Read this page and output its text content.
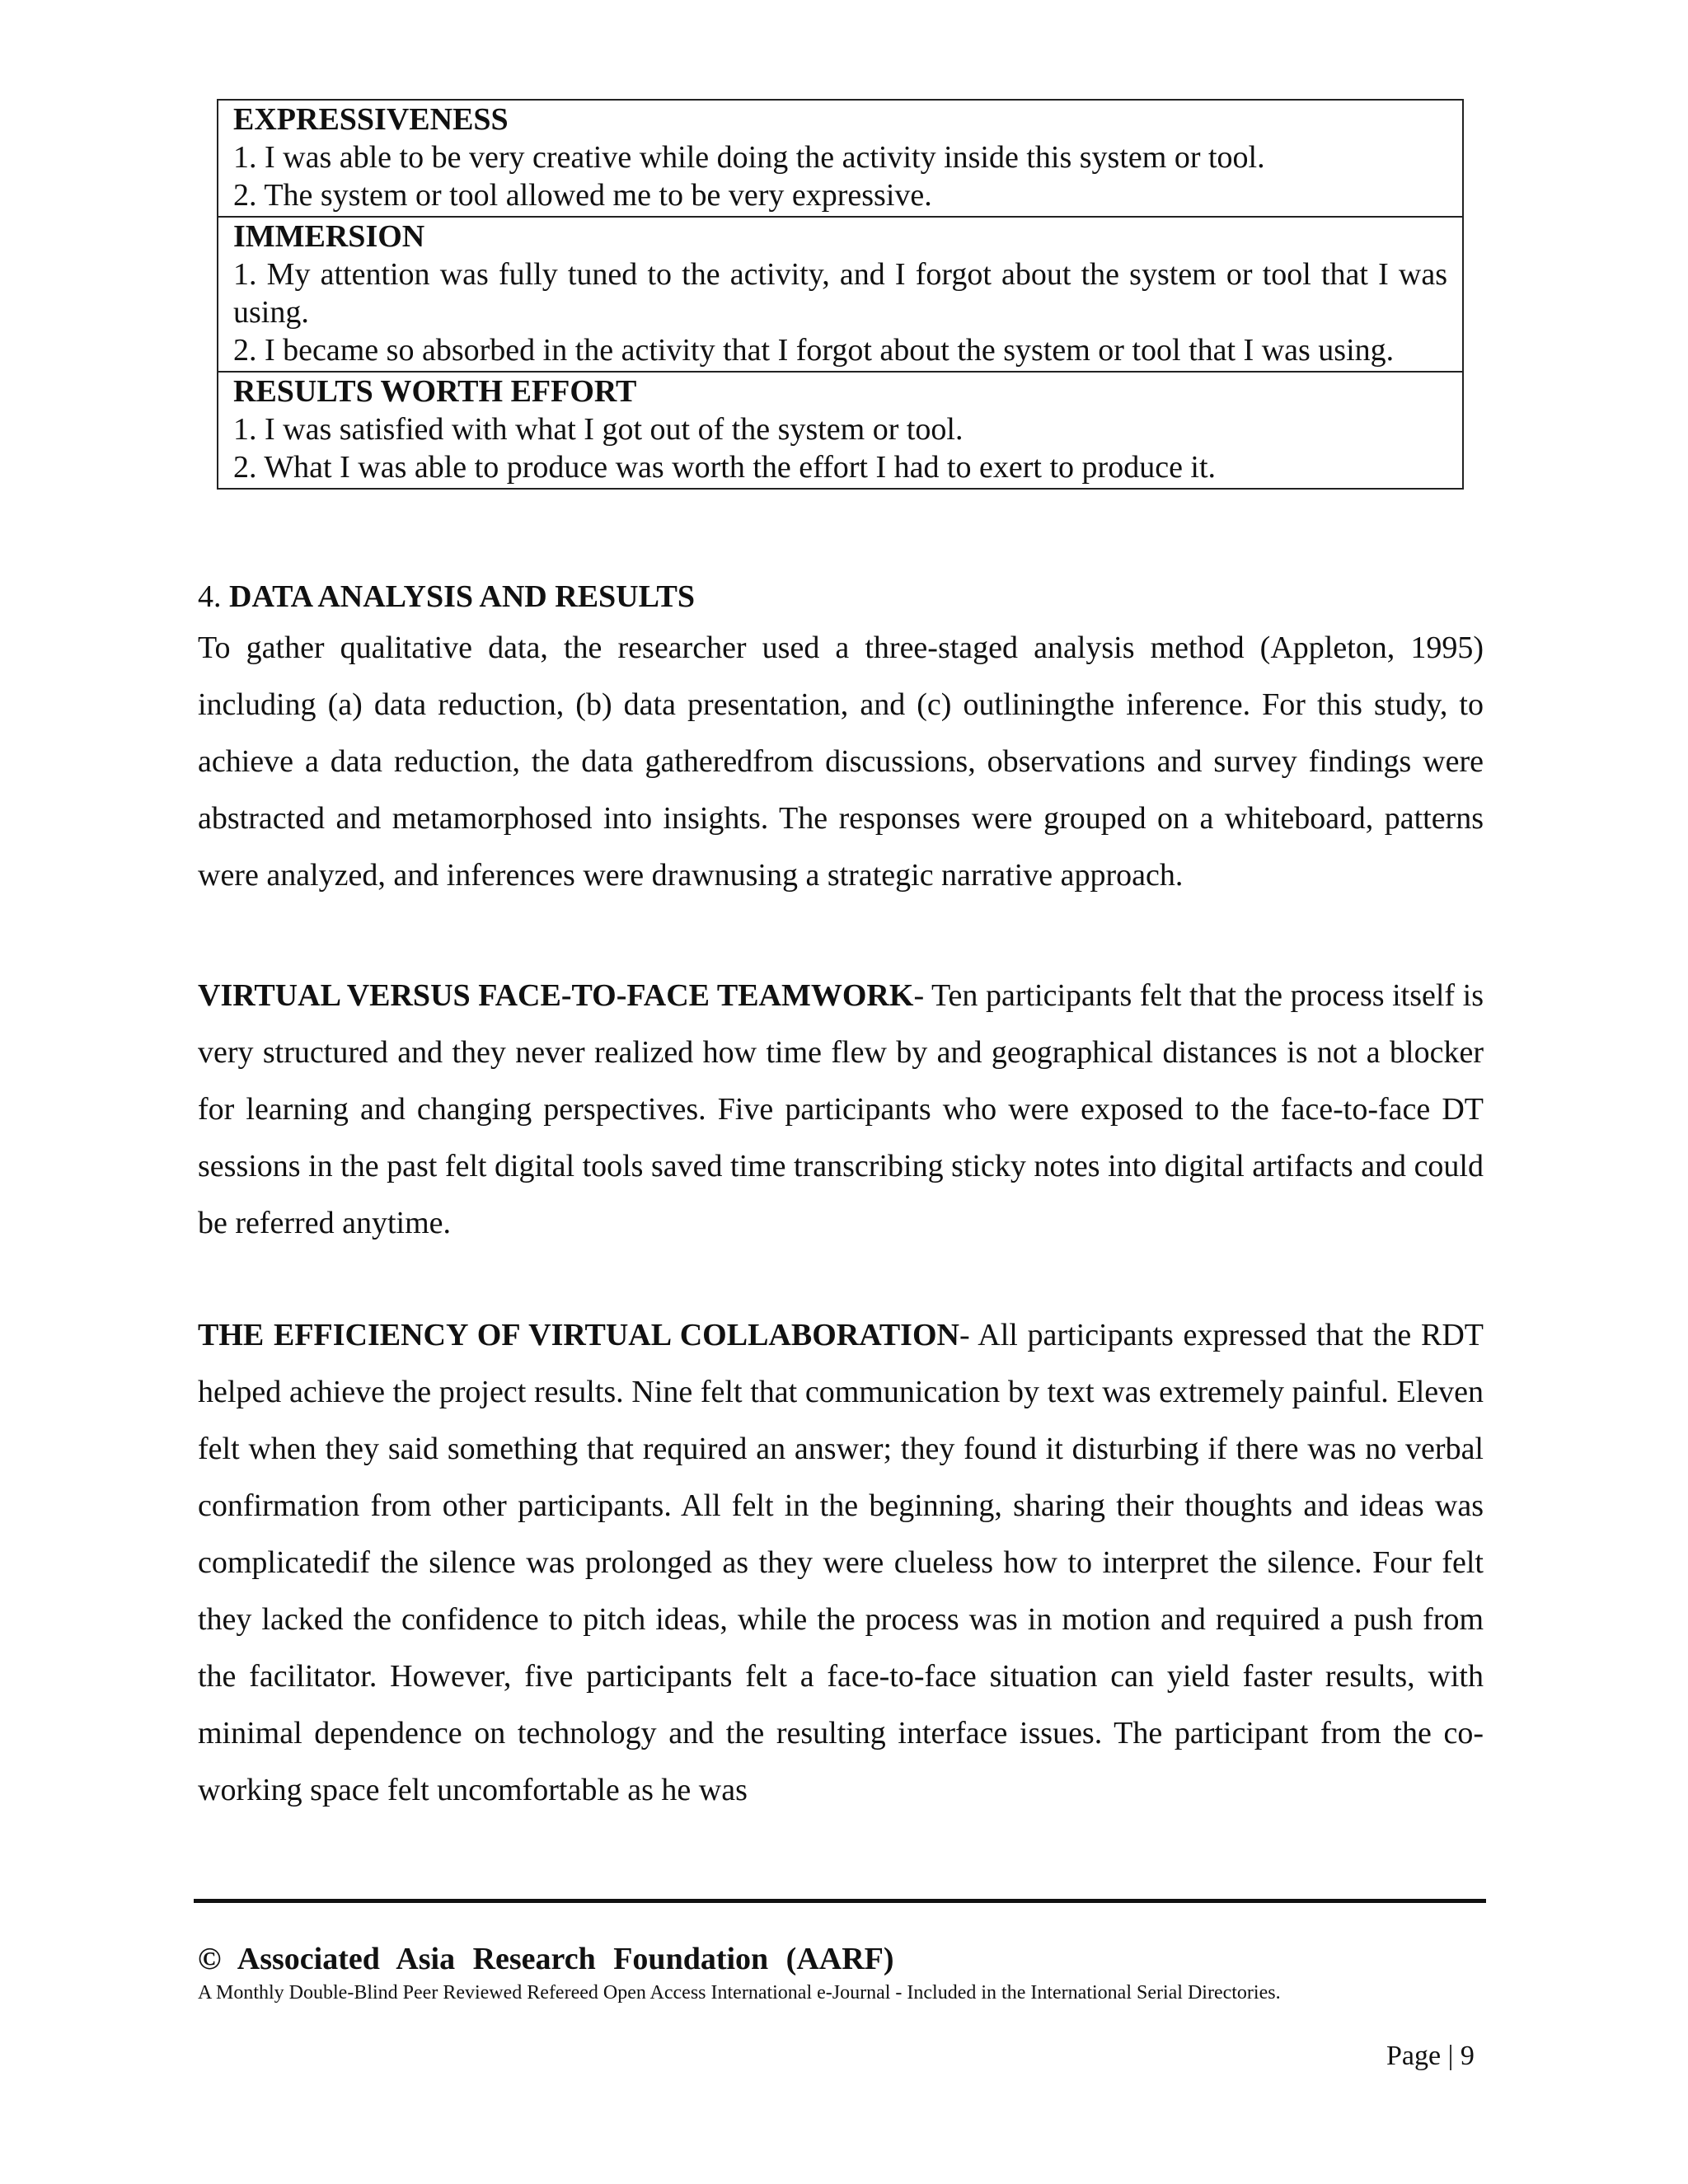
EXPRESSIVENESS
1. I was able to be very creative while doing the activity inside this system or tool.
2. The system or tool allowed me to be very expressive.
IMMERSION
1. My attention was fully tuned to the activity, and I forgot about the system or tool that I was using.
2. I became so absorbed in the activity that I forgot about the system or tool that I was using.
RESULTS WORTH EFFORT
1. I was satisfied with what I got out of the system or tool.
2. What I was able to produce was worth the effort I had to exert to produce it.
4. DATA ANALYSIS AND RESULTS
To gather qualitative data, the researcher used a three-staged analysis method (Appleton, 1995) including (a) data reduction, (b) data presentation, and (c) outliningthe inference. For this study, to achieve a data reduction, the data gatheredfrom discussions, observations and survey findings were abstracted and metamorphosed into insights. The responses were grouped on a whiteboard, patterns were analyzed, and inferences were drawnusing a strategic narrative approach.
VIRTUAL VERSUS FACE-TO-FACE TEAMWORK- Ten participants felt that the process itself is very structured and they never realized how time flew by and geographical distances is not a blocker for learning and changing perspectives. Five participants who were exposed to the face-to-face DT sessions in the past felt digital tools saved time transcribing sticky notes into digital artifacts and could be referred anytime.
THE EFFICIENCY OF VIRTUAL COLLABORATION- All participants expressed that the RDT helped achieve the project results. Nine felt that communication by text was extremely painful. Eleven felt when they said something that required an answer; they found it disturbing if there was no verbal confirmation from other participants. All felt in the beginning, sharing their thoughts and ideas was complicatedif the silence was prolonged as they were clueless how to interpret the silence. Four felt they lacked the confidence to pitch ideas, while the process was in motion and required a push from the facilitator. However, five participants felt a face-to-face situation can yield faster results, with minimal dependence on technology and the resulting interface issues. The participant from the co-working space felt uncomfortable as he was
© Associated Asia Research Foundation (AARF)
A Monthly Double-Blind Peer Reviewed Refereed Open Access International e-Journal - Included in the International Serial Directories.
Page | 9
